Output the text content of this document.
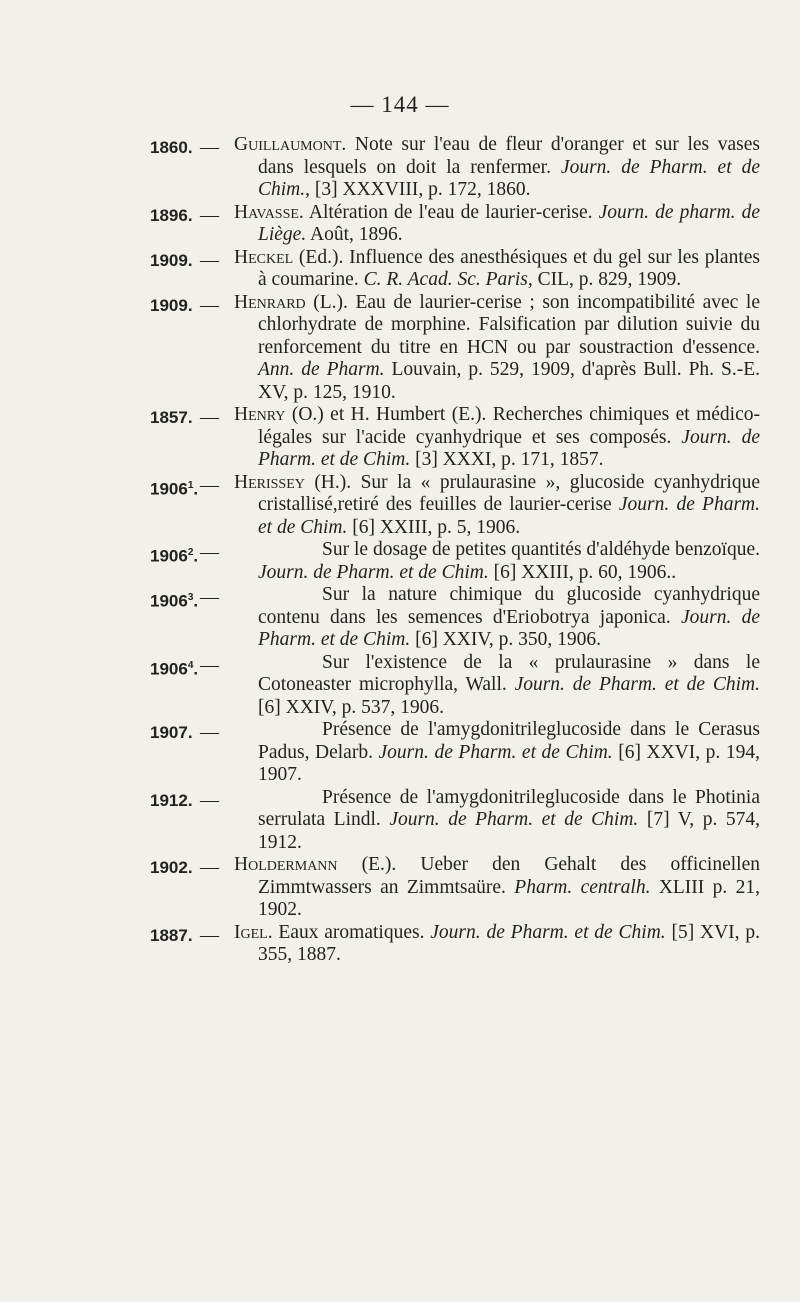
— 144 —
1860. — Guillaumont. Note sur l'eau de fleur d'oranger et sur les vases dans lesquels on doit la renfermer. Journ. de Pharm. et de Chim., [3] XXXVIII, p. 172, 1860.
1896. — Havasse. Altération de l'eau de laurier-cerise. Journ. de pharm. de Liège. Août, 1896.
1909. — Heckel (Ed.). Influence des anesthésiques et du gel sur les plantes à coumarine. C. R. Acad. Sc. Paris, CIL, p. 829, 1909.
1909. — Henrard (L.). Eau de laurier-cerise ; son incompatibilité avec le chlorhydrate de morphine. Falsification par dilution suivie du renforcement du titre en HCN ou par soustraction d'essence. Ann. de Pharm. Louvain, p. 529, 1909, d'après Bull. Ph. S.-E. XV, p. 125, 1910.
1857. — Henry (O.) et H. Humbert (E.). Recherches chimiques et médico-légales sur l'acide cyanhydrique et ses composés. Journ. de Pharm. et de Chim. [3] XXXI, p. 171, 1857.
1906$^1$. — Herissey (H.). Sur la « prulaurasine », glucoside cyanhydrique cristallisé,retiré des feuilles de laurier-cerise Journ. de Pharm. et de Chim. [6] XXIII, p. 5, 1906.
1906$^2$. —	Sur le dosage de petites quantités d'aldéhyde benzoïque. Journ. de Pharm. et de Chim. [6] XXIII, p. 60, 1906..
1906$^3$. —	Sur la nature chimique du glucoside cyanhydrique contenu dans les semences d'Eriobotrya japonica. Journ. de Pharm. et de Chim. [6] XXIV, p. 350, 1906.
1906$^4$. —	Sur l'existence de la « prulaurasine » dans le Cotoneaster microphylla, Wall. Journ. de Pharm. et de Chim. [6] XXIV, p. 537, 1906.
1907. —	Présence de l'amygdonitrileglucoside dans le Cerasus Padus, Delarb. Journ. de Pharm. et de Chim. [6] XXVI, p. 194, 1907.
1912. —	Présence de l'amygdonitrileglucoside dans le Photinia serrulata Lindl. Journ. de Pharm. et de Chim. [7] V, p. 574, 1912.
1902. — Holdermann (E.). Ueber den Gehalt des officinellen Zimmtwassers an Zimmtsaüre. Pharm. centralh. XLIII p. 21, 1902.
1887. — Igel. Eaux aromatiques. Journ. de Pharm. et de Chim. [5] XVI, p. 355, 1887.
